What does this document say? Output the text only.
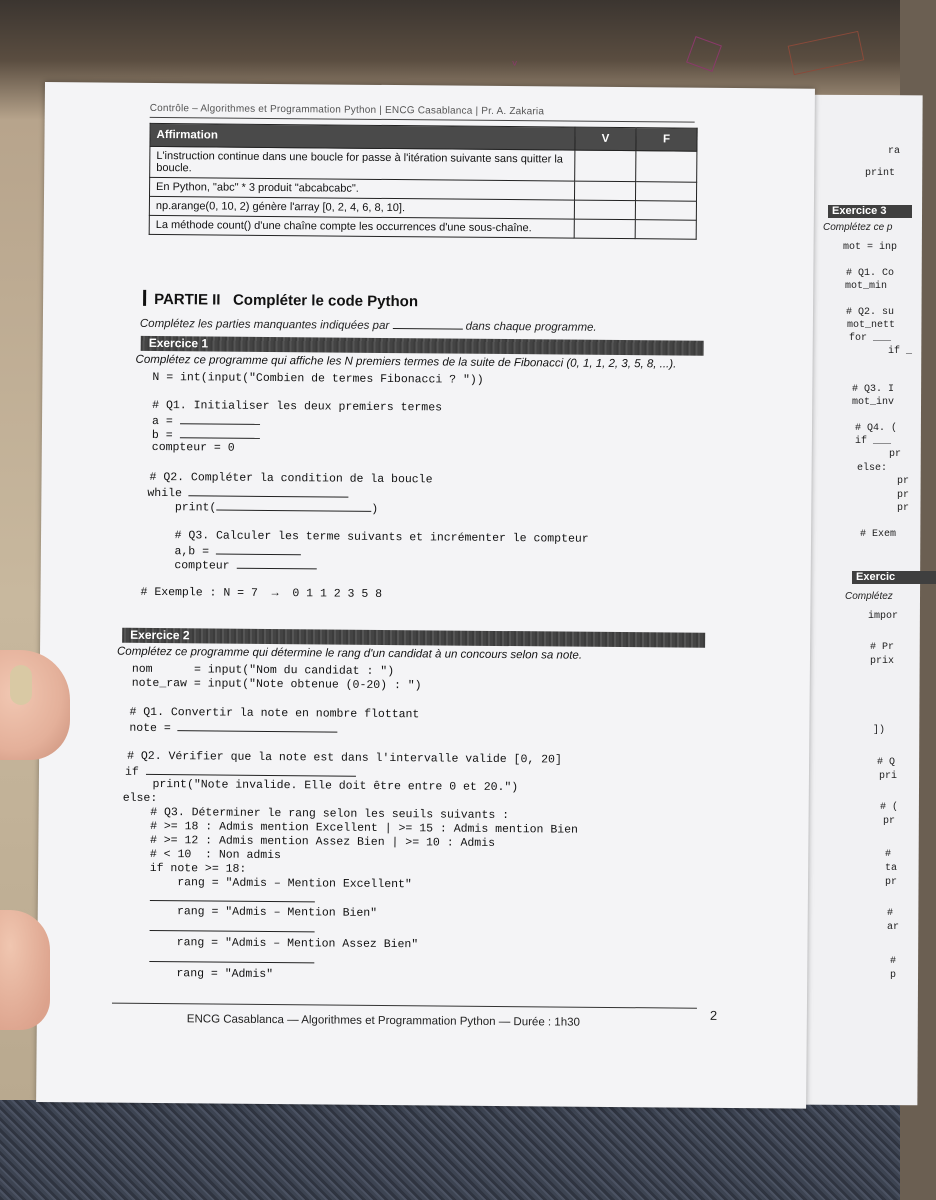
ᵛ
ra
print
mot = inp
# Q1. Co
mot_min
# Q2. su
mot_nett
for ___
if _
# Q3. I
mot_inv
# Q4. (
if ___
pr
else:
pr
pr
pr
# Exem
impor
# Pr
prix
])
# Q
pri
# (
pr
#
ta
pr
#
ar
#
p
Exercice 3
Complétez ce p
Exercic
Complétez
Contrôle – Algorithmes et Programmation Python | ENCG Casablanca | Pr. A. Zakaria
Affirmation	V	F
L'instruction continue dans une boucle for passe à l'itération suivante sans quitter la boucle.		
En Python, "abc" * 3 produit "abcabcabc".		
np.arange(0, 10, 2) génère l'array [0, 2, 4, 6, 8, 10].		
La méthode count() d'une chaîne compte les occurrences d'une sous-chaîne.		
PARTIE II   Compléter le code Python
Complétez les parties manquantes indiquées par	dans chaque programme.
Exercice 1
Complétez ce programme qui affiche les N premiers termes de la suite de Fibonacci (0, 1, 1, 2, 3, 5, 8, ...).
N = int(input("Combien de termes Fibonacci ? "))
# Q1. Initialiser les deux premiers termes
a =
b =
compteur = 0
# Q2. Compléter la condition de la boucle
while
print(	)
# Q3. Calculer les terme suivants et incrémenter le compteur
a,b =
compteur
# Exemple : N = 7  →  0 1 1 2 3 5 8
Exercice 2
Complétez ce programme qui détermine le rang d'un candidat à un concours selon sa note.
nom      = input("Nom du candidat : ")
note_raw = input("Note obtenue (0-20) : ")
# Q1. Convertir la note en nombre flottant
note =
# Q2. Vérifier que la note est dans l'intervalle valide [0, 20]
if
print("Note invalide. Elle doit être entre 0 et 20.")
else:
# Q3. Déterminer le rang selon les seuils suivants :
# >= 18 : Admis mention Excellent | >= 15 : Admis mention Bien
# >= 12 : Admis mention Assez Bien | >= 10 : Admis
# < 10  : Non admis
if note >= 18:
rang = "Admis – Mention Excellent"
rang = "Admis – Mention Bien"
rang = "Admis – Mention Assez Bien"
rang = "Admis"
2
ENCG Casablanca — Algorithmes et Programmation Python — Durée : 1h30
